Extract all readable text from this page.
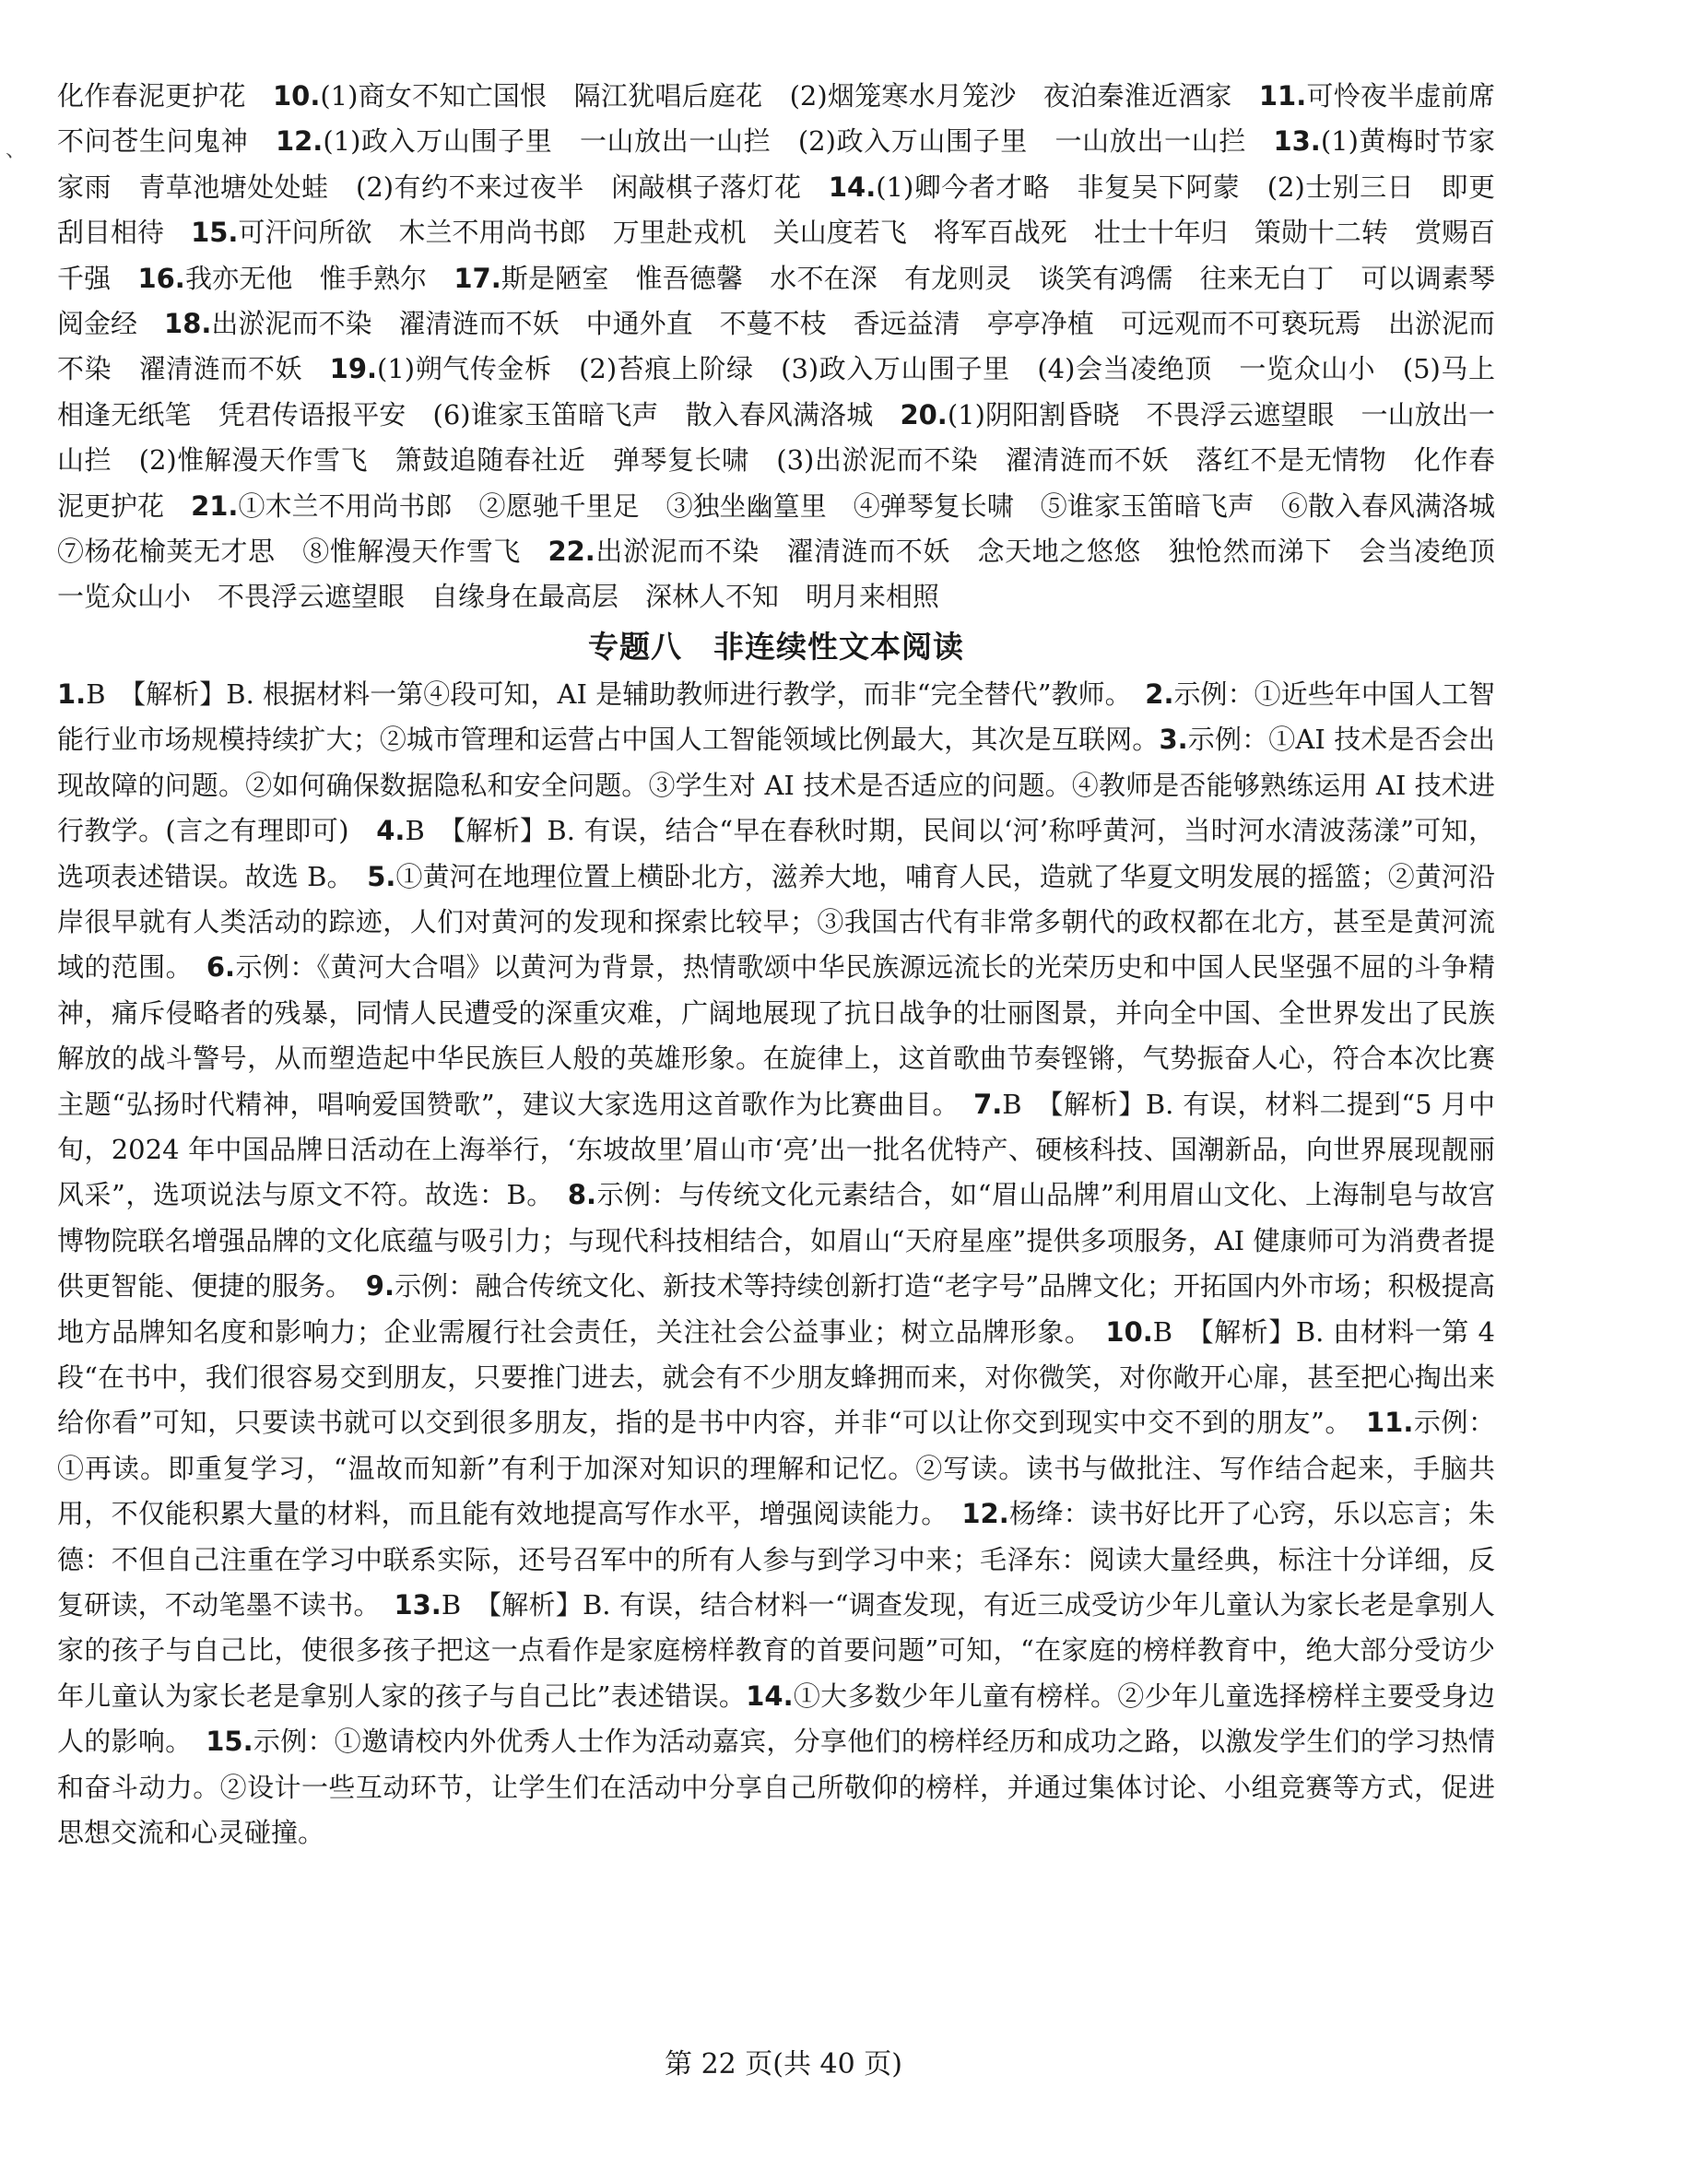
、

化作春泥更护花　10.(1)商女不知亡国恨　隔江犹唱后庭花　(2)烟笼寒水月笼沙　夜泊秦淮近酒家　11.可怜夜半虚前席　不问苍生问鬼神　12.(1)政入万山围子里　一山放出一山拦　(2)政入万山围子里　一山放出一山拦　13.(1)黄梅时节家家雨　青草池塘处处蛙　(2)有约不来过夜半　闲敲棋子落灯花　14.(1)卿今者才略　非复吴下阿蒙　(2)士别三日　即更刮目相待　15.可汗问所欲　木兰不用尚书郎　万里赴戎机　关山度若飞　将军百战死　壮士十年归　策勋十二转　赏赐百千强　16.我亦无他　惟手熟尔　17.斯是陋室　惟吾德馨　水不在深　有龙则灵　谈笑有鸿儒　往来无白丁　可以调素琴　阅金经　18.出淤泥而不染　濯清涟而不妖　中通外直　不蔓不枝　香远益清　亭亭净植　可远观而不可亵玩焉　出淤泥而不染　濯清涟而不妖　19.(1)朔气传金柝　(2)苔痕上阶绿　(3)政入万山围子里　(4)会当凌绝顶　一览众山小　(5)马上相逢无纸笔　凭君传语报平安　(6)谁家玉笛暗飞声　散入春风满洛城　20.(1)阴阳割昏晓　不畏浮云遮望眼　一山放出一山拦　(2)惟解漫天作雪飞　箫鼓追随春社近　弹琴复长啸　(3)出淤泥而不染　濯清涟而不妖　落红不是无情物　化作春泥更护花　21.①木兰不用尚书郎　②愿驰千里足　③独坐幽篁里　④弹琴复长啸　⑤谁家玉笛暗飞声　⑥散入春风满洛城　⑦杨花榆荚无才思　⑧惟解漫天作雪飞　22.出淤泥而不染　濯清涟而不妖　念天地之悠悠　独怆然而涕下　会当凌绝顶　一览众山小　不畏浮云遮望眼　自缘身在最高层　深林人不知　明月来相照

专题八　非连续性文本阅读

1.B　【解析】B. 根据材料一第④段可知，AI 是辅助教师进行教学，而非“完全替代”教师。　2.示例：①近些年中国人工智能行业市场规模持续扩大；②城市管理和运营占中国人工智能领域比例最大，其次是互联网。3.示例：①AI 技术是否会出现故障的问题。②如何确保数据隐私和安全问题。③学生对 AI 技术是否适应的问题。④教师是否能够熟练运用 AI 技术进行教学。(言之有理即可)　4.B　【解析】B. 有误，结合“早在春秋时期，民间以‘河’称呼黄河，当时河水清波荡漾”可知，选项表述错误。故选 B。　5.①黄河在地理位置上横卧北方，滋养大地，哺育人民，造就了华夏文明发展的摇篮；②黄河沿岸很早就有人类活动的踪迹，人们对黄河的发现和探索比较早；③我国古代有非常多朝代的政权都在北方，甚至是黄河流域的范围。　6.示例：《黄河大合唱》以黄河为背景，热情歌颂中华民族源远流长的光荣历史和中国人民坚强不屈的斗争精神，痛斥侵略者的残暴，同情人民遭受的深重灾难，广阔地展现了抗日战争的壮丽图景，并向全中国、全世界发出了民族解放的战斗警号，从而塑造起中华民族巨人般的英雄形象。在旋律上，这首歌曲节奏铿锵，气势振奋人心，符合本次比赛主题“弘扬时代精神，唱响爱国赞歌”，建议大家选用这首歌作为比赛曲目。　7.B　【解析】B. 有误，材料二提到“5 月中旬，2024 年中国品牌日活动在上海举行，‘东坡故里’眉山市‘亮’出一批名优特产、硬核科技、国潮新品，向世界展现靓丽风采”，选项说法与原文不符。故选：B。　8.示例：与传统文化元素结合，如“眉山品牌”利用眉山文化、上海制皂与故宫博物院联名增强品牌的文化底蕴与吸引力；与现代科技相结合，如眉山“天府星座”提供多项服务，AI 健康师可为消费者提供更智能、便捷的服务。　9.示例：融合传统文化、新技术等持续创新打造“老字号”品牌文化；开拓国内外市场；积极提高地方品牌知名度和影响力；企业需履行社会责任，关注社会公益事业；树立品牌形象。　10.B　【解析】B. 由材料一第 4 段“在书中，我们很容易交到朋友，只要推门进去，就会有不少朋友蜂拥而来，对你微笑，对你敞开心扉，甚至把心掏出来给你看”可知，只要读书就可以交到很多朋友，指的是书中内容，并非“可以让你交到现实中交不到的朋友”。　11.示例：①再读。即重复学习，“温故而知新”有利于加深对知识的理解和记忆。②写读。读书与做批注、写作结合起来，手脑共用，不仅能积累大量的材料，而且能有效地提高写作水平，增强阅读能力。　12.杨绛：读书好比开了心窍，乐以忘言；朱德：不但自己注重在学习中联系实际，还号召军中的所有人参与到学习中来；毛泽东：阅读大量经典，标注十分详细，反复研读，不动笔墨不读书。　13.B　【解析】B. 有误，结合材料一“调查发现，有近三成受访少年儿童认为家长老是拿别人家的孩子与自己比，使很多孩子把这一点看作是家庭榜样教育的首要问题”可知，“在家庭的榜样教育中，绝大部分受访少年儿童认为家长老是拿别人家的孩子与自己比”表述错误。14.①大多数少年儿童有榜样。②少年儿童选择榜样主要受身边人的影响。　15.示例：①邀请校内外优秀人士作为活动嘉宾，分享他们的榜样经历和成功之路，以激发学生们的学习热情和奋斗动力。②设计一些互动环节，让学生们在活动中分享自己所敬仰的榜样，并通过集体讨论、小组竞赛等方式，促进思想交流和心灵碰撞。

第 22 页(共 40 页)
